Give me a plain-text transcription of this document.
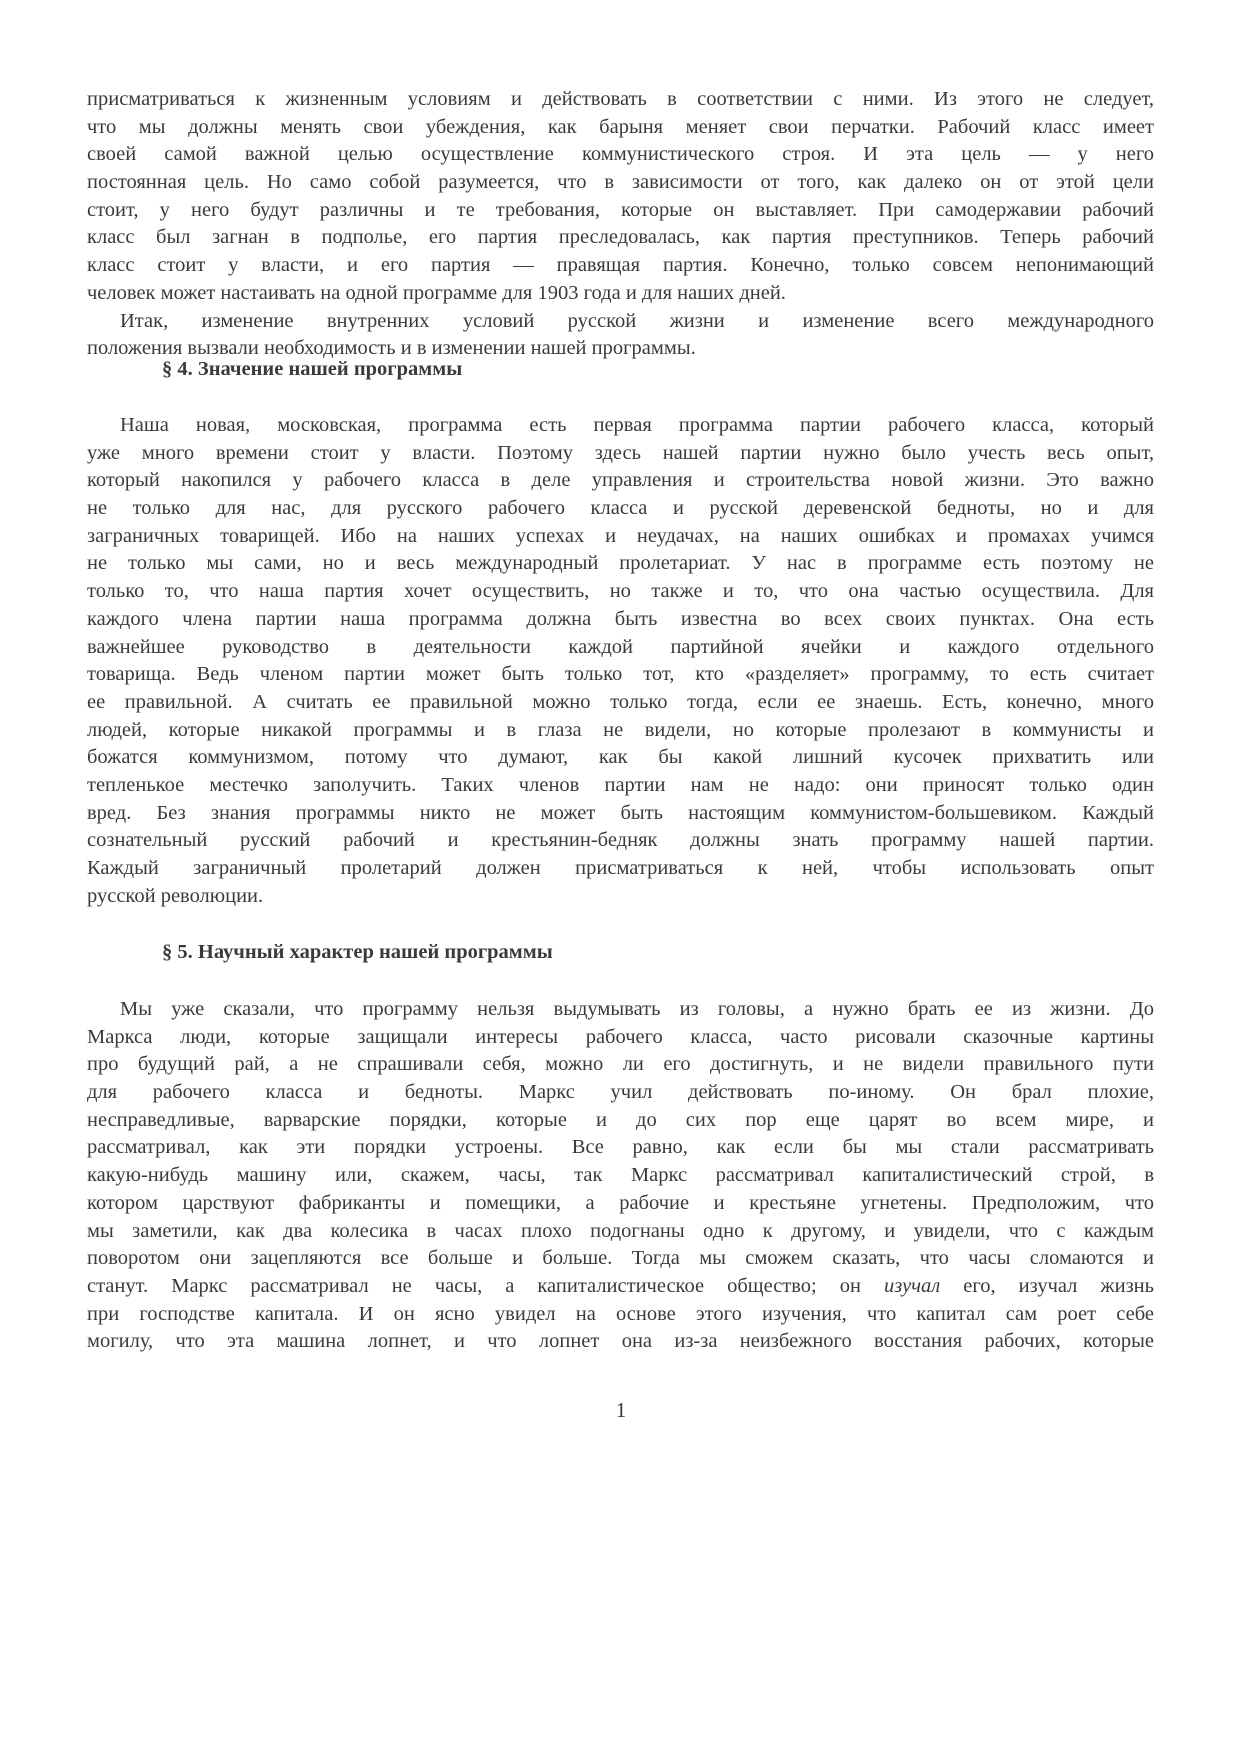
присматриваться к жизненным условиям и действовать в соответствии с ними. Из этого не следует,
что мы должны менять свои убеждения, как барыня меняет свои перчатки. Рабочий класс имеет
своей самой важной целью осуществление коммунистического строя. И эта цель — у него
постоянная цель. Но само собой разумеется, что в зависимости от того, как далеко он от этой цели
стоит, у него будут различны и те требования, которые он выставляет. При самодержавии рабочий
класс был загнан в подполье, его партия преследовалась, как партия преступников. Теперь рабочий
класс стоит у власти, и его партия — правящая партия. Конечно, только совсем непонимающий
человек может настаивать на одной программе для 1903 года и для наших дней.
Итак, изменение внутренних условий русской жизни и изменение всего международного
положения вызвали необходимость и в изменении нашей программы.
§ 4. Значение нашей программы
Наша новая, московская, программа есть первая программа партии рабочего класса, который
уже много времени стоит у власти. Поэтому здесь нашей партии нужно было учесть весь опыт,
который накопился у рабочего класса в деле управления и строительства новой жизни. Это важно
не только для нас, для русского рабочего класса и русской деревенской бедноты, но и для
заграничных товарищей. Ибо на наших успехах и неудачах, на наших ошибках и промахах учимся
не только мы сами, но и весь международный пролетариат. У нас в программе есть поэтому не
только то, что наша партия хочет осуществить, но также и то, что она частью осуществила. Для
каждого члена партии наша программа должна быть известна во всех своих пунктах. Она есть
важнейшее руководство в деятельности каждой партийной ячейки и каждого отдельного
товарища. Ведь членом партии может быть только тот, кто «разделяет» программу, то есть считает
ее правильной. А считать ее правильной можно только тогда, если ее знаешь. Есть, конечно, много
людей, которые никакой программы и в глаза не видели, но которые пролезают в коммунисты и
божатся коммунизмом, потому что думают, как бы какой лишний кусочек прихватить или
тепленькое местечко заполучить. Таких членов партии нам не надо: они приносят только один
вред. Без знания программы никто не может быть настоящим коммунистом-большевиком. Каждый
сознательный русский рабочий и крестьянин-бедняк должны знать программу нашей партии.
Каждый заграничный пролетарий должен присматриваться к ней, чтобы использовать опыт
русской революции.
§ 5. Научный характер нашей программы
Мы уже сказали, что программу нельзя выдумывать из головы, а нужно брать ее из жизни. До
Маркса люди, которые защищали интересы рабочего класса, часто рисовали сказочные картины
про будущий рай, а не спрашивали себя, можно ли его достигнуть, и не видели правильного пути
для рабочего класса и бедноты. Маркс учил действовать по-иному. Он брал плохие,
несправедливые, варварские порядки, которые и до сих пор еще царят во всем мире, и
рассматривал, как эти порядки устроены. Все равно, как если бы мы стали рассматривать
какую-нибудь машину или, скажем, часы, так Маркс рассматривал капиталистический строй, в
котором царствуют фабриканты и помещики, а рабочие и крестьяне угнетены. Предположим, что
мы заметили, как два колесика в часах плохо подогнаны одно к другому, и увидели, что с каждым
поворотом они зацепляются все больше и больше. Тогда мы сможем сказать, что часы сломаются и
станут. Маркс рассматривал не часы, а капиталистическое общество; он изучал его, изучал жизнь
при господстве капитала. И он ясно увидел на основе этого изучения, что капитал сам роет себе
могилу, что эта машина лопнет, и что лопнет она из-за неизбежного восстания рабочих, которые
1
